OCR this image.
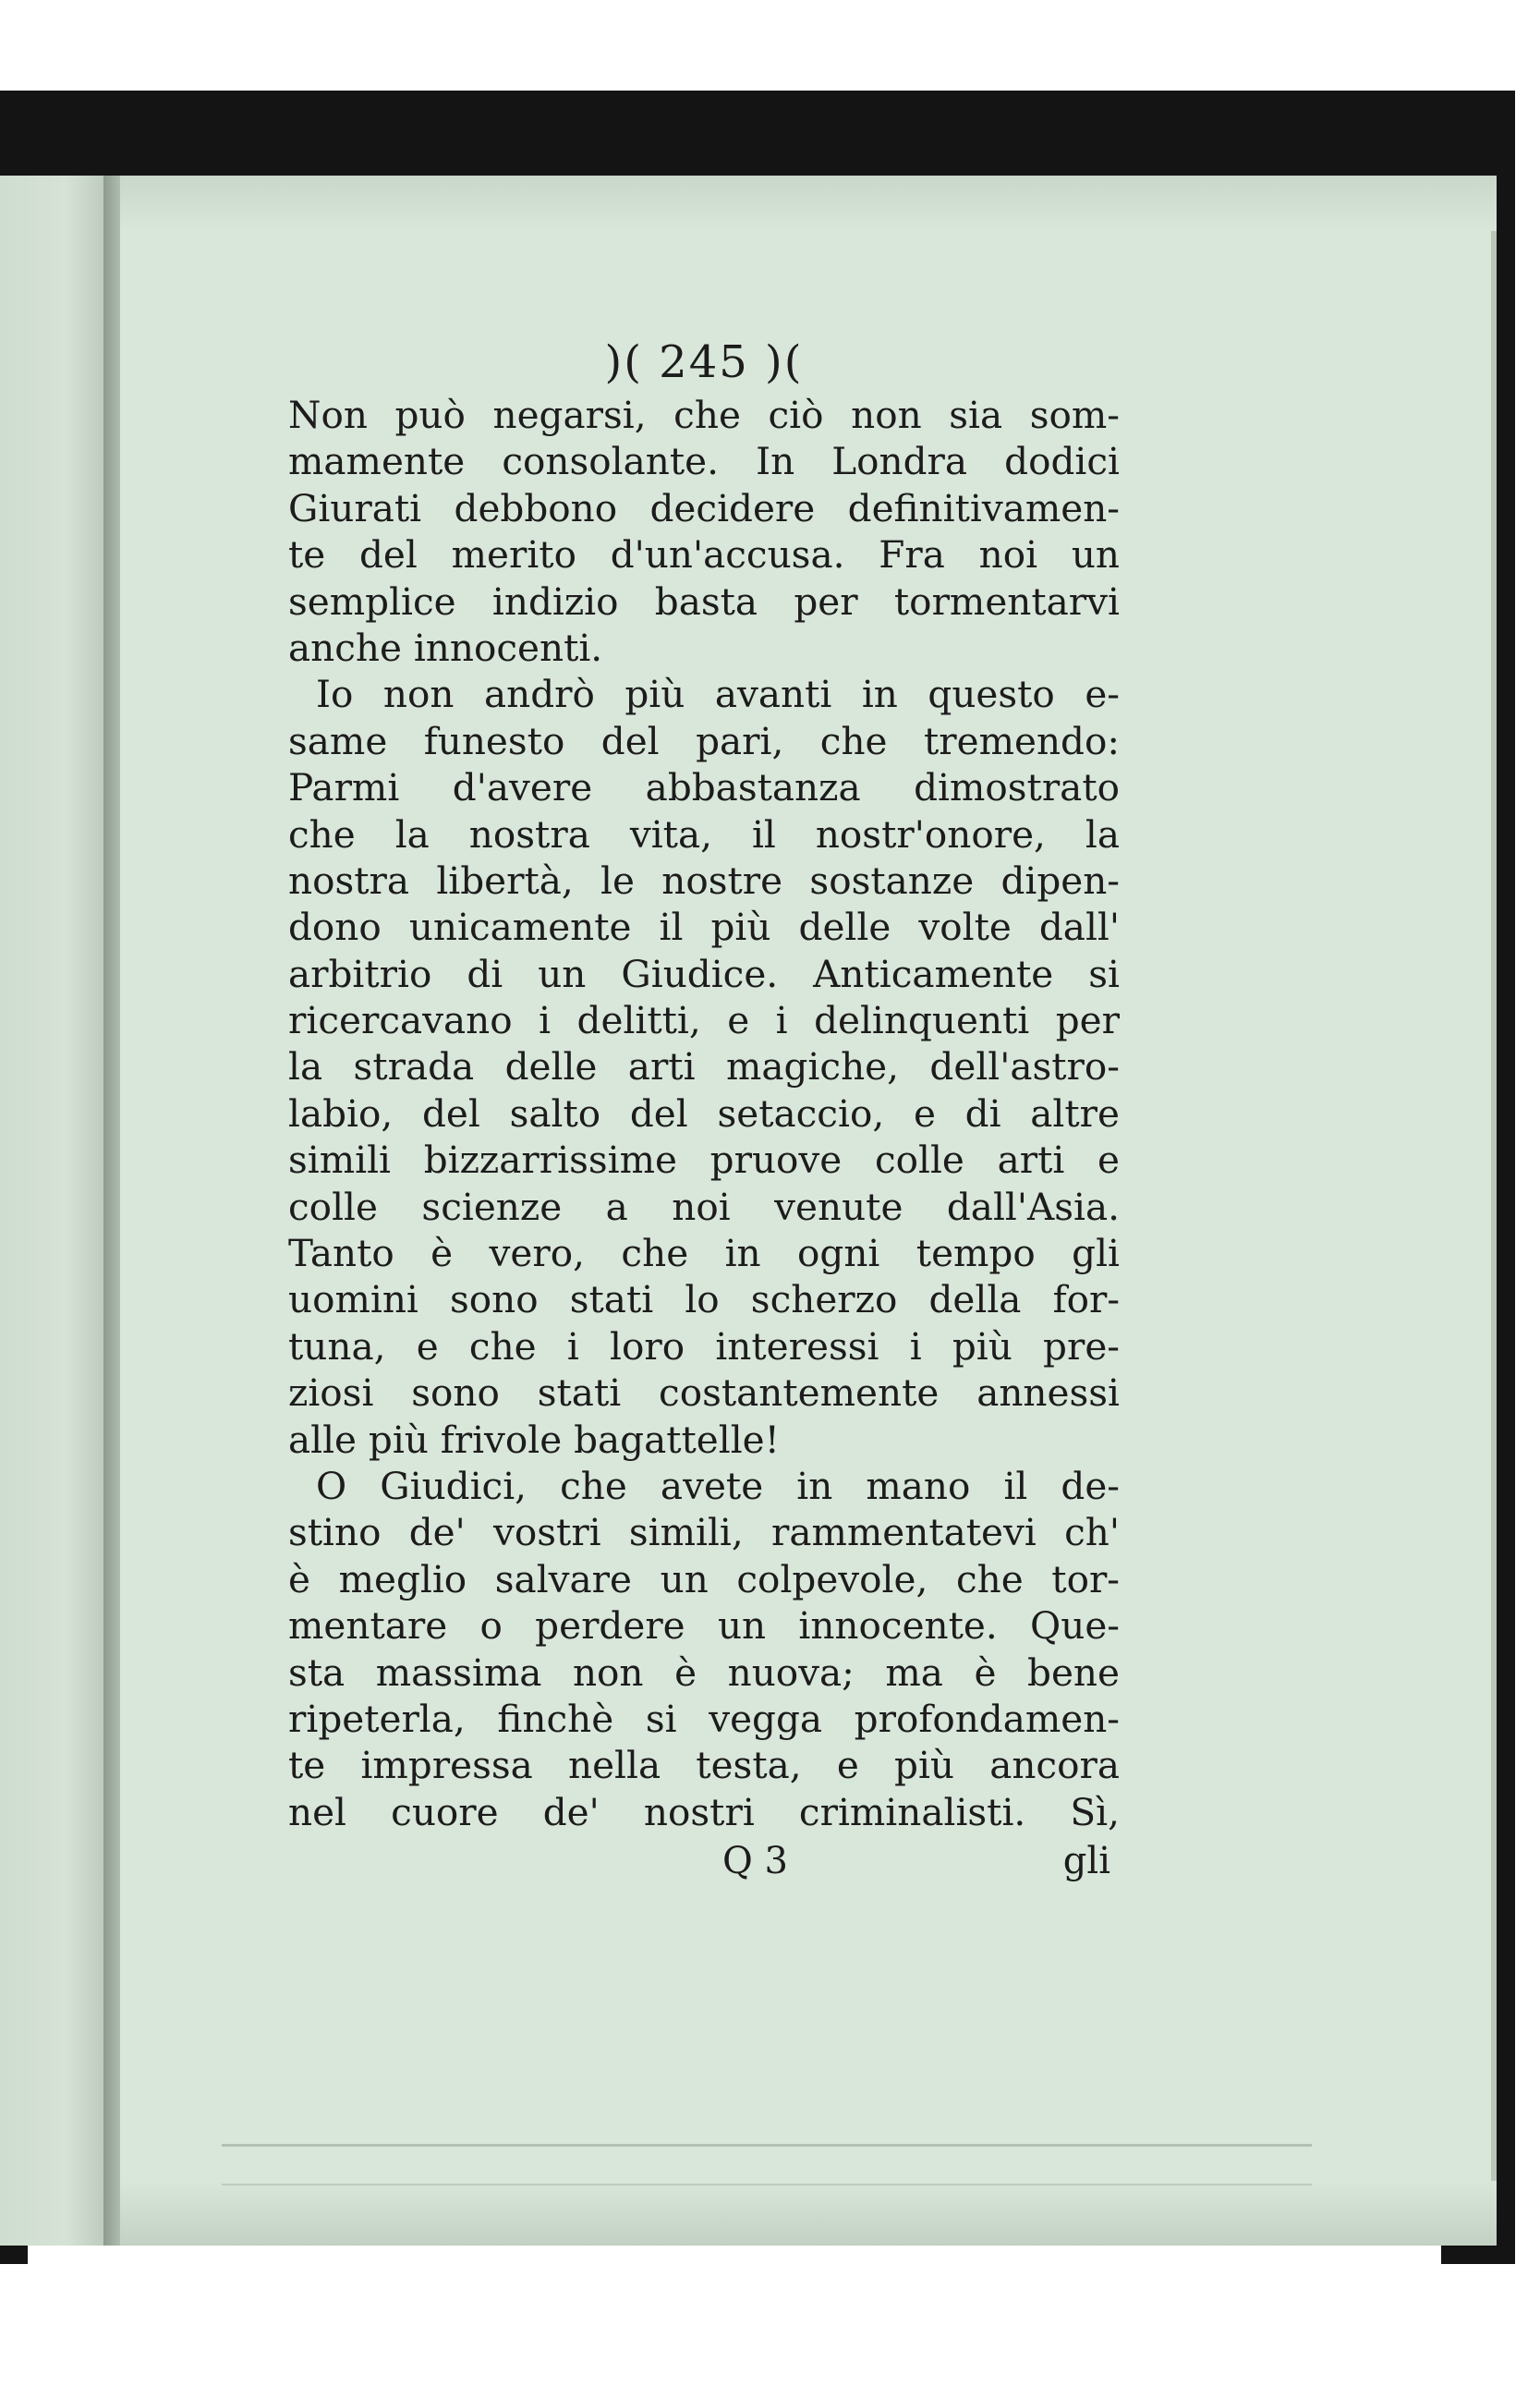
)( 245 )(
Non può negarsi, che ciò non sia som-
mamente consolante. In Londra dodici
Giurati debbono decidere definitivamen-
te del merito d'un'accusa. Fra noi un
semplice indizio basta per tormentarvi
anche innocenti.
Io non andrò più avanti in questo e-
same funesto del pari, che tremendo:
Parmi d'avere abbastanza dimostrato
che la nostra vita, il nostr'onore, la
nostra libertà, le nostre sostanze dipen-
dono unicamente il più delle volte dall'
arbitrio di un Giudice. Anticamente si
ricercavano i delitti, e i delinquenti per
la strada delle arti magiche, dell'astro-
labio, del salto del setaccio, e di altre
simili bizzarrissime pruove colle arti e
colle scienze a noi venute dall'Asia.
Tanto è vero, che in ogni tempo gli
uomini sono stati lo scherzo della for-
tuna, e che i loro interessi i più pre-
ziosi sono stati costantemente annessi
alle più frivole bagattelle!
O Giudici, che avete in mano il de-
stino de' vostri simili, rammentatevi ch'
è meglio salvare un colpevole, che tor-
mentare o perdere un innocente. Que-
sta massima non è nuova; ma è bene
ripeterla, finchè si vegga profondamen-
te impressa nella testa, e più ancora
nel cuore de' nostri criminalisti. Sì,
Q 3	gli
